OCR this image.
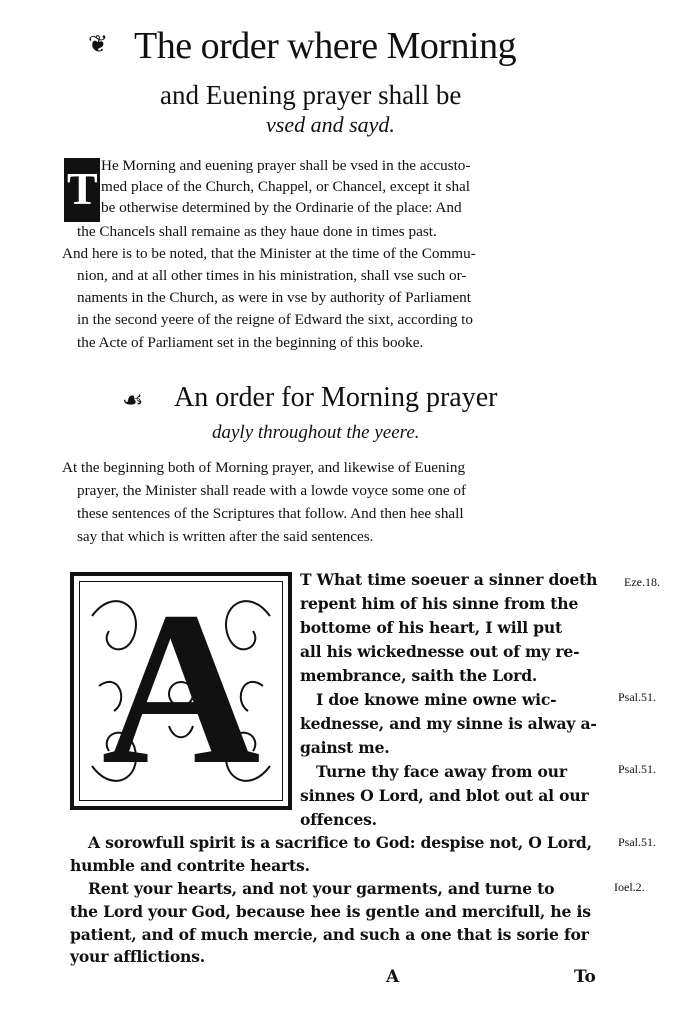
❦ The order where Morning
and Euening prayer shall be
vsed and sayd.
T He Morning and euening prayer shall be vsed in the accusto-
med place of the Church, Chappel, or Chancel, except it shal
be otherwise determined by the Ordinarie of the place: And
the Chancels shall remaine as they haue done in times past.
And here is to be noted, that the Minister at the time of the Commu-
nion, and at all other times in his ministration, shall vse such or-
naments in the Church, as were in vse by authority of Parliament
in the second yeere of the reigne of Edward the sixt, according to
the Acte of Parliament set in the beginning of this booke.
☙ An order for Morning prayer
dayly throughout the yeere.
At the beginning both of Morning prayer, and likewise of Euening
prayer, the Minister shall reade with a lowde voyce some one of
these sentences of the Scriptures that follow. And then hee shall
say that which is written after the said sentences.
A	T What time soeuer a sinner doeth
repent him of his sinne from the
bottome of his heart, I will put
all his wickednesse out of my re-
membrance, saith the Lord.
I doe knowe mine owne wic-
kednesse, and my sinne is alway a-
gainst me.
Turne thy face away from our
sinnes O Lord, and blot out al our
offences.
A sorowfull spirit is a sacrifice to God: despise not, O Lord,
humble and contrite hearts.
Rent your hearts, and not your garments, and turne to
the Lord your God, because hee is gentle and mercifull, he is
patient, and of much mercie, and such a one that is sorie for
your afflictions.
Eze.18.
Psal.51.
Psal.51.
Psal.51.
Ioel.2.
A	To
